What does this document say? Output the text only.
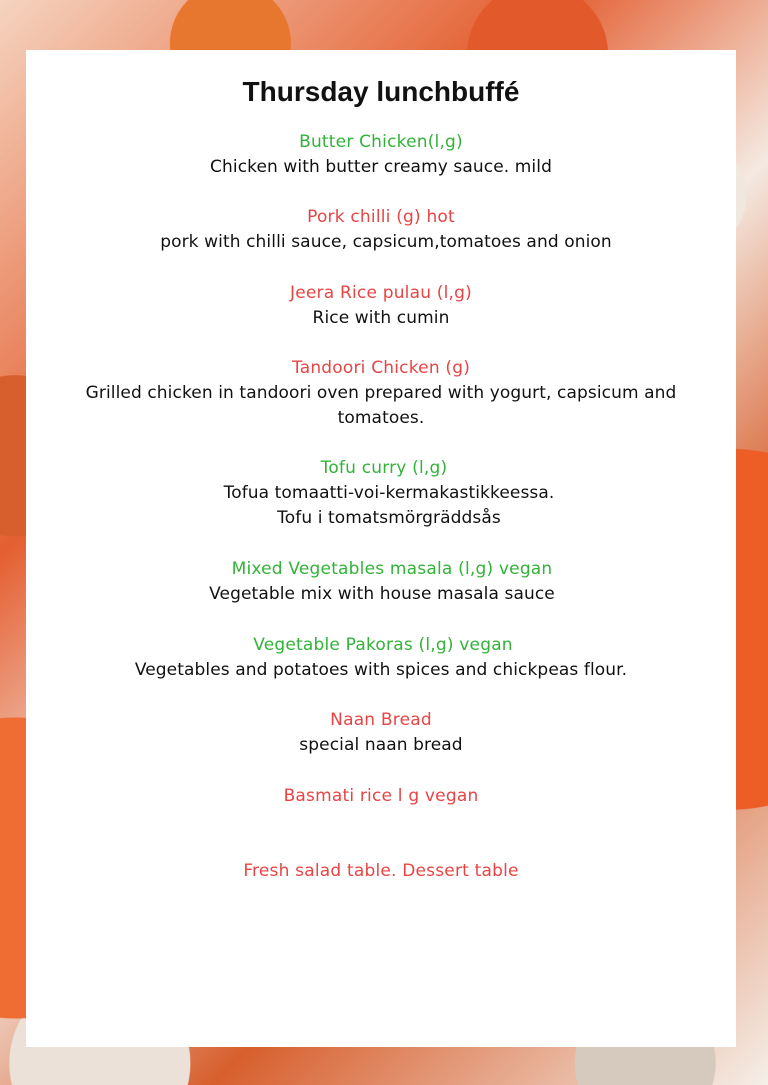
Thursday lunchbuffé
Butter Chicken(l,g)
Chicken with butter creamy sauce. mild
Pork chilli (g) hot
pork with chilli sauce, capsicum,tomatoes and onion
Jeera Rice pulau (l,g)
Rice with cumin
Tandoori Chicken (g)
Grilled chicken in tandoori oven prepared with yogurt, capsicum and tomatoes.
Tofu curry (l,g)
Tofua tomaatti-voi-kermakastikkeessa.
Tofu i tomatsmörgräddsås
Mixed Vegetables masala (l,g) vegan
Vegetable mix with house masala sauce
Vegetable Pakoras (l,g) vegan
Vegetables and potatoes with spices and chickpeas flour.
Naan Bread
special naan bread
Basmati rice l g vegan
Fresh salad table. Dessert table
